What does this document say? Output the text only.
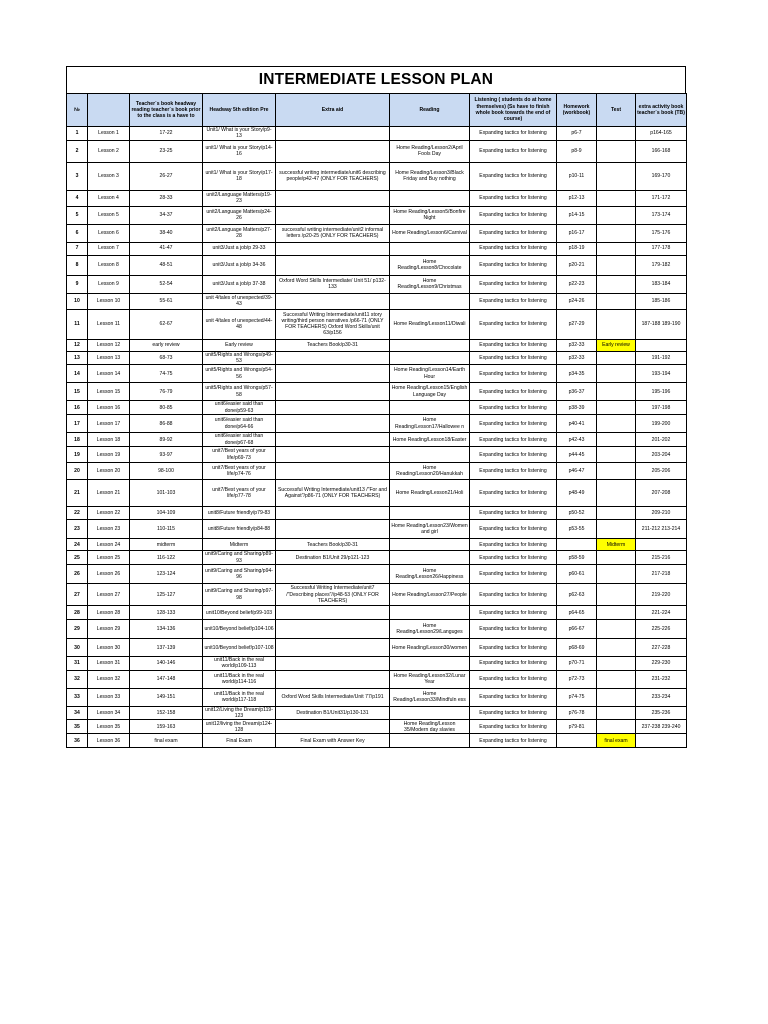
INTERMEDIATE LESSON PLAN
№		Teacher`s book headway reading teacher`s book prior to the class is a have to	Headway 5th edition Pre	Extra aid	Reading	Listening ( students do at home themselves) (Ss have to finish whole book towards the end of course)	Homework (workbook)	Test	extra activity book teacher`s book (TB)
1	Lesson 1	17-22	Unit1/ What is your Story/p9-13			Expanding tactics for listening	p6-7		p164-165
2	Lesson 2	23-25	unit1/ What is your Story/p14-16		Home Reading/Lesson2/April Fools Day	Expanding tactics for listening	p8-9		166-168
3	Lesson 3	26-27	unit1/ What is your Story/p17-18	successful writing intermediate/unit6 describing people/p42-47 (ONLY FOR TEACHERS)	Home Reading/Lesson3/Black Friday and Buy nothing	Expanding tactics for listening	p10-11		169-170
4	Lesson 4	28-33	unit2/Language Matters/p19-23			Expanding tactics for listening	p12-13		171-172
5	Lesson 5	34-37	unit2/Language Matters/p24-26		Home Reading/Lesson5/Bonfire Night	Expanding tactics for listening	p14-15		173-174
6	Lesson 6	38-40	unit2/Language Matters/p27-28	successful writing intermediate/unit2 informal letters /p20-25 (ONLY FOR TEACHERS)	Home Reading/Lesson6/Carnival	Expanding tactics for listening	p16-17		175-176
7	Lesson 7	41-47	unit3/Just a job/p 29-33			Expanding tactics for listening	p18-19		177-178
8	Lesson 8	48-51	unit3/Just a job/p 34-36		Home Reading/Lesson8/Chocolate	Expanding tactics for listening	p20-21		179-182
9	Lesson 9	52-54	unit3/Just a job/p 37-38	Oxford Word Skills Intermediate/ Unit 51/ p132-133	Home Reading/Lesson9/Christmas	Expanding tactics for listening	p22-23		183-184
10	Lesson 10	55-61	unit 4/tales of unexpected/39-43			Expanding tactics for listening	p24-26		185-186
11	Lesson 11	62-67	unit 4/tales of unexpected/44-48	Successful Writing Intermediate/unit11 story writing/third person narratives /p66-71 (ONLY FOR TEACHERS) Oxford Word Skills/unit 63/p156	Home Reading/Lesson11/Diwali	Expanding tactics for listening	p27-29		187-188 189-190
12	Lesson 12	early review	Early review	Teachers Book/p30-31		Expanding tactics for listening	p32-33	Early review	
13	Lesson 13	68-73	unit5/Rights and Wrongs/p49-53			Expanding tactics for listening	p32-33		191-192
14	Lesson 14	74-75	unit5/Rights and Wrongs/p54-56		Home Reading/Lesson14/Earth Hour	Expanding tactics for listening	p34-35		193-194
15	Lesson 15	76-79	unit5/Rights and Wrongs/p57-58		Home Reading/Lesson15/English Language Day	Expanding tactics for listening	p36-37		195-196
16	Lesson 16	80-85	unit6/easier said than done/p59-63			Expanding tactics for listening	p38-39		197-198
17	Lesson 17	86-88	unit6/easier said than done/p64-66		Home Reading/Lesson17/Hallowee n	Expanding tactics for listening	p40-41		199-200
18	Lesson 18	89-92	unit6/easier said than done/p67-68		Home Reading/Lesson18/Easter	Expanding tactics for listening	p42-43		201-202
19	Lesson 19	93-97	unit7/Best years of your life/p69-73			Expanding tactics for listening	p44-45		203-204
20	Lesson 20	98-100	unit7/Best years of your life/p74-76		Home Reading/Lesson20/Hanukkah	Expanding tactics for listening	p46-47		205-206
21	Lesson 21	101-103	unit7/Best years of your life/p77-78	Successful Writing Intermediate/unit13 /"For and Against"/p86-71 (ONLY FOR TEACHERS)	Home Reading/Lesson21/Holi	Expanding tactics for listening	p48-49		207-208
22	Lesson 22	104-109	unit8/Future friendly/p79-83			Expanding tactics for listening	p50-52		209-210
23	Lesson 23	110-115	unit8/Future friendly/p84-88		Home Reading/Lesson23/Women and girl	Expanding tactics for listening	p53-55		211-212 213-214
24	Lesson 24	midterm	Midterm	Teachers Book/p30-31		Expanding tactics for listening		Midterm	
25	Lesson 25	116-122	unit9/Caring and Sharing/p89-93	Destination B1/Unit 29/p121-123		Expanding tactics for listening	p58-59		215-216
26	Lesson 26	123-124	unit9/Caring and Sharing/p94-96		Home Reading/Lesson26/Happiness	Expanding tactics for listening	p60-61		217-218
27	Lesson 27	125-127	unit9/Caring and Sharing/p97-98	Successful Writing Intermediate/unit7 /"Describing places"//p48-53 (ONLY FOR TEACHERS)	Home Reading/Lesson27/People	Expanding tactics for listening	p62-63		219-220
28	Lesson 28	128-133	unit10/Beyond belief/p99-103			Expanding tactics for listening	p64-65		221-224
29	Lesson 29	134-136	unit10/Beyond belief/p104-106		Home Reading/Lesson29/Languges	Expanding tactics for listening	p66-67		225-226
30	Lesson 30	137-139	unit10/Beyond belief/p107-108		Home Reading/Lesson30/women	Expanding tactics for listening	p68-69		227-228
31	Lesson 31	140-146	unit11/Back in the real world/p109-113			Expanding tactics for listening	p70-71		229-230
32	Lesson 32	147-148	unit11/Back in the real world/p114-116		Home Reading/Lesson32/Lunar Year	Expanding tactics for listening	p72-73		231-232
33	Lesson 33	149-151	unit11/Back in the real world/p117-118	Oxford Word Skills Intermediate/Unit 77/p191	Home Reading/Lesson33/Mindfuln ess	Expanding tactics for listening	p74-75		233-234
34	Lesson 34	152-158	unit12/Living the Dream/p119-123	Destination B1/Unit31/p130-131		Expanding tactics for listening	p76-78		235-236
35	Lesson 35	159-163	unit12/living the Dream/p124-128		Home Reading/Lesson 35/Modern day slavies	Expanding tactics for listening	p79-81		237-238 239-240
36	Lesson 36	final exam	Final Exam	Final Exam with Answer Key		Expanding tactics for listening		final exam	
